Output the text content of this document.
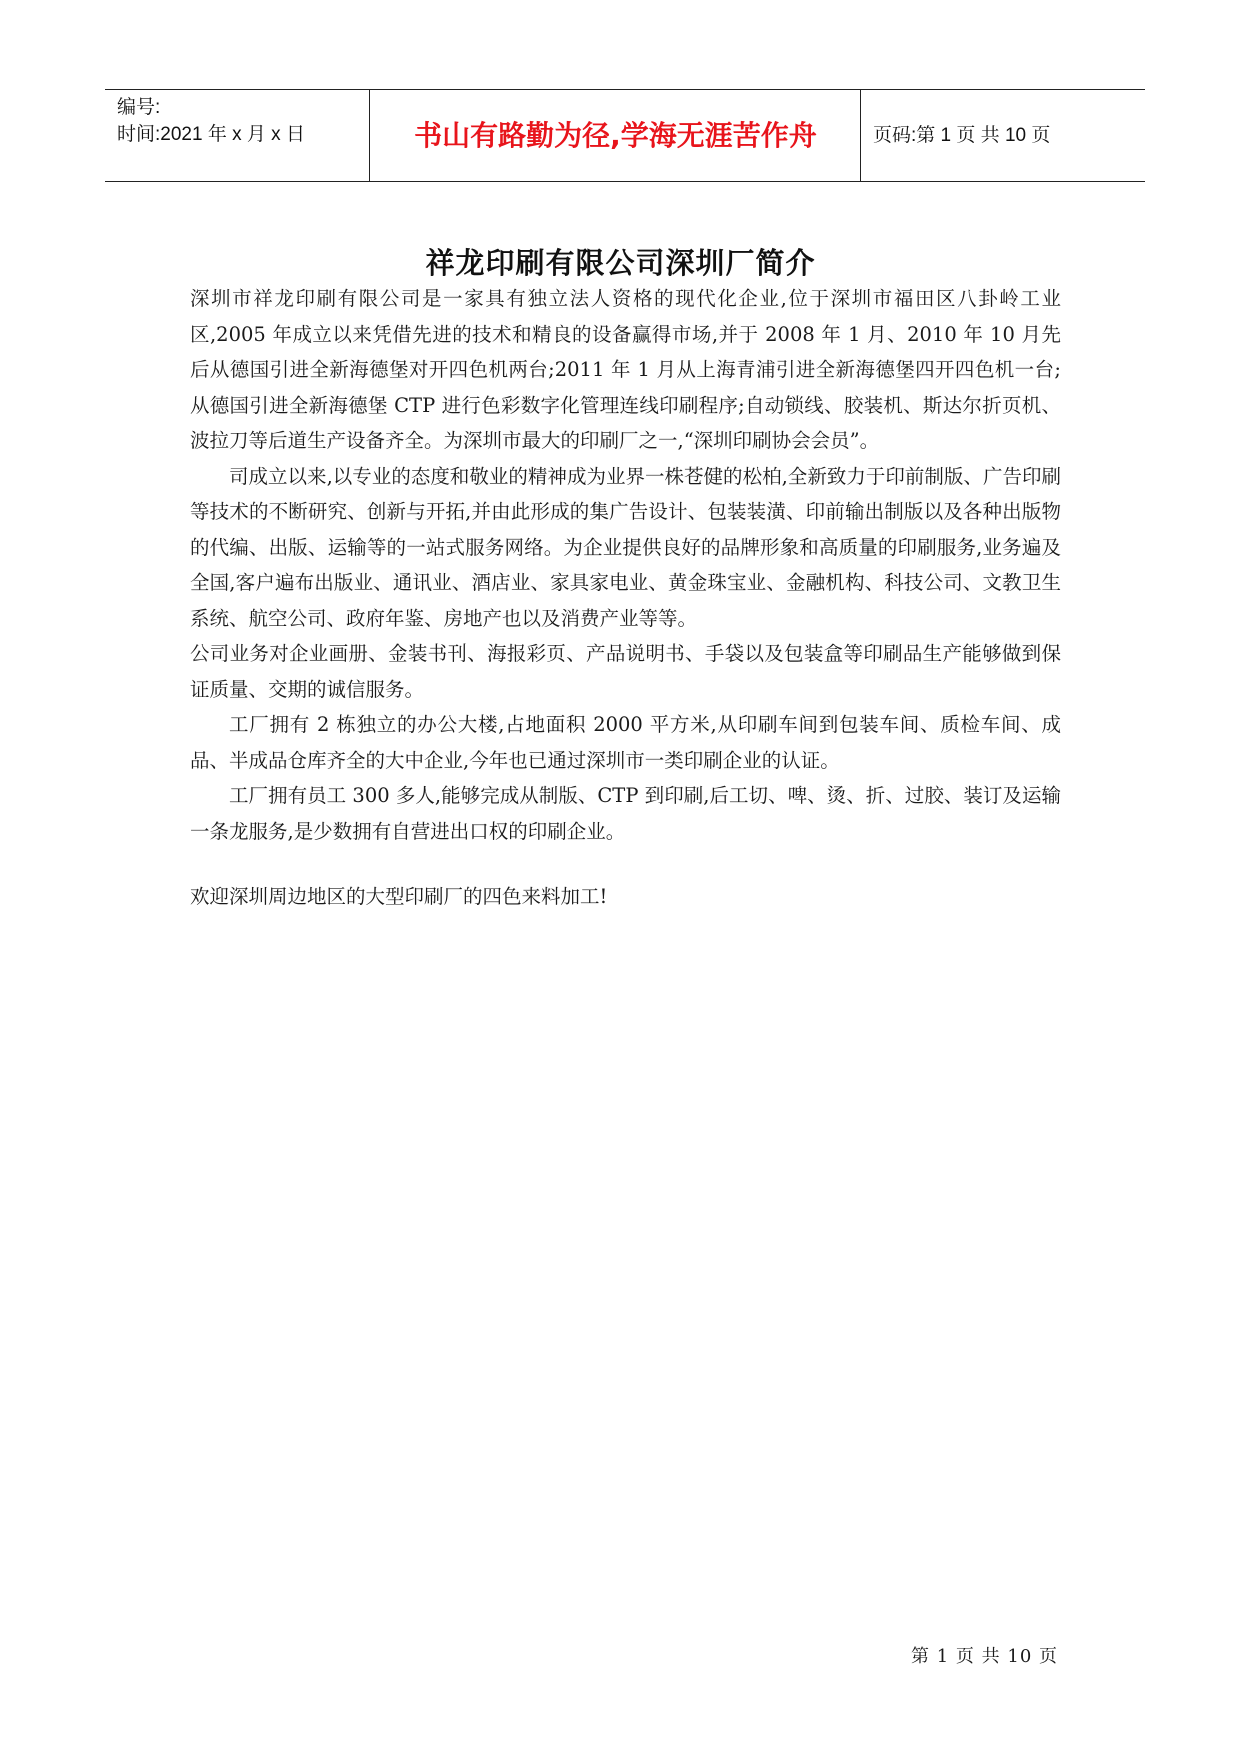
编号:
时间:2021 年 x 月 x 日	书山有路勤为径,学海无涯苦作舟	页码:第 1 页 共 10 页
祥龙印刷有限公司深圳厂简介

深圳市祥龙印刷有限公司是一家具有独立法人资格的现代化企业,位于深圳市福田区八卦岭工业区,2005 年成立以来凭借先进的技术和精良的设备赢得市场,并于 2008 年 1 月、2010 年 10 月先后从德国引进全新海德堡对开四色机两台;2011 年 1 月从上海青浦引进全新海德堡四开四色机一台;从德国引进全新海德堡 CTP 进行色彩数字化管理连线印刷程序;自动锁线、胶装机、斯达尔折页机、波拉刀等后道生产设备齐全。为深圳市最大的印刷厂之一,“深圳印刷协会会员”。

司成立以来,以专业的态度和敬业的精神成为业界一株苍健的松柏,全新致力于印前制版、广告印刷等技术的不断研究、创新与开拓,并由此形成的集广告设计、包装装潢、印前输出制版以及各种出版物的代编、出版、运输等的一站式服务网络。为企业提供良好的品牌形象和高质量的印刷服务,业务遍及全国,客户遍布出版业、通讯业、酒店业、家具家电业、黄金珠宝业、金融机构、科技公司、文教卫生系统、航空公司、政府年鉴、房地产也以及消费产业等等。

公司业务对企业画册、金装书刊、海报彩页、产品说明书、手袋以及包装盒等印刷品生产能够做到保证质量、交期的诚信服务。

工厂拥有 2 栋独立的办公大楼,占地面积 2000 平方米,从印刷车间到包装车间、质检车间、成品、半成品仓库齐全的大中企业,今年也已通过深圳市一类印刷企业的认证。

工厂拥有员工 300 多人,能够完成从制版、CTP 到印刷,后工切、啤、烫、折、过胶、装订及运输一条龙服务,是少数拥有自营进出口权的印刷企业。

欢迎深圳周边地区的大型印刷厂的四色来料加工!

第 1 页 共 10 页
